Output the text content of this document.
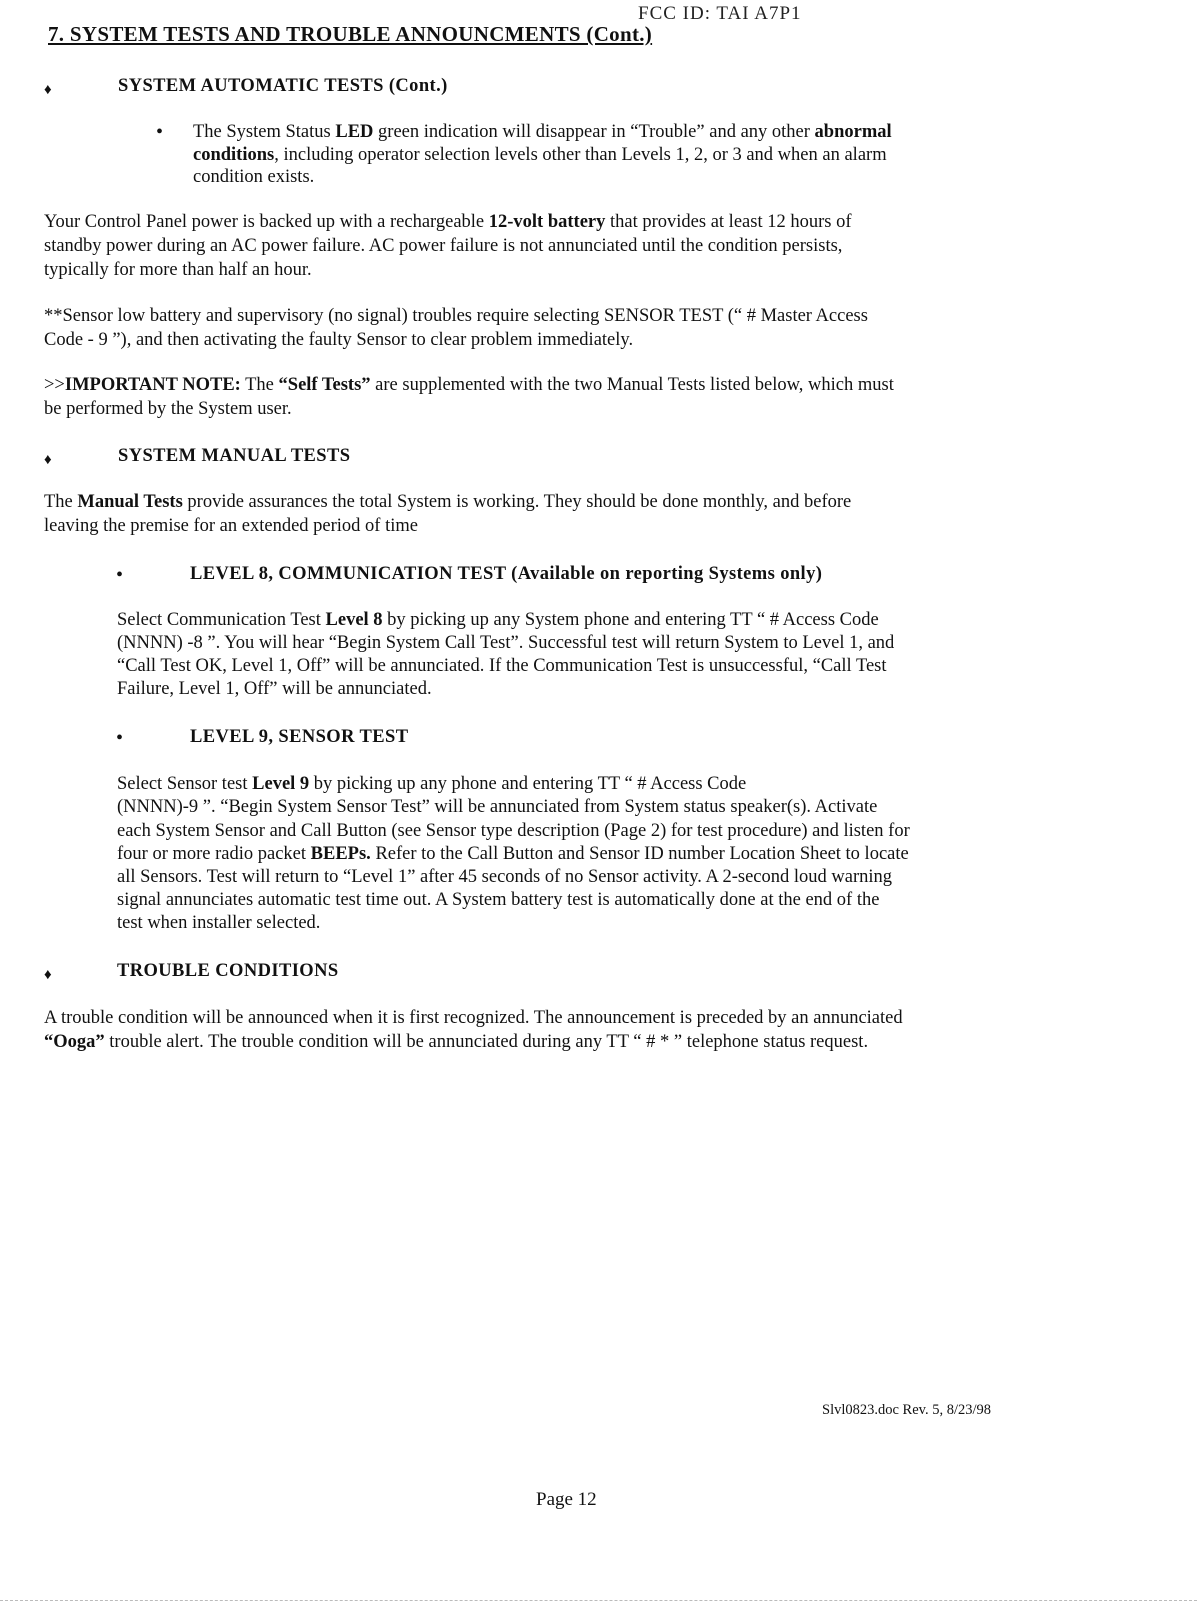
FCC ID: TAI A7P1
7. SYSTEM TESTS AND TROUBLE ANNOUNCMENTS (Cont.)
♦	SYSTEM AUTOMATIC TESTS (Cont.)
• The System Status LED green indication will disappear in “Trouble” and any other abnormal
conditions, including operator selection levels other than Levels 1, 2, or 3 and when an alarm
condition exists.
Your Control Panel power is backed up with a rechargeable 12-volt battery that provides at least 12 hours of
standby power during an AC power failure. AC power failure is not annunciated until the condition persists,
typically for more than half an hour.
**Sensor low battery and supervisory (no signal) troubles require selecting SENSOR TEST (“ # Master Access
Code - 9 ”), and then activating the faulty Sensor to clear problem immediately.
>>IMPORTANT NOTE: The “Self Tests” are supplemented with the two Manual Tests listed below, which must
be performed by the System user.
♦	SYSTEM MANUAL TESTS
The Manual Tests provide assurances the total System is working. They should be done monthly, and before
leaving the premise for an extended period of time
•	LEVEL 8, COMMUNICATION TEST (Available on reporting Systems only)
Select Communication Test Level 8 by picking up any System phone and entering TT “ # Access Code
(NNNN) -8 ”. You will hear “Begin System Call Test”. Successful test will return System to Level 1, and
“Call Test OK, Level 1, Off” will be annunciated. If the Communication Test is unsuccessful, “Call Test
Failure, Level 1, Off” will be annunciated.
•	LEVEL 9, SENSOR TEST
Select Sensor test Level 9 by picking up any phone and entering TT “ # Access Code
(NNNN)-9 ”. “Begin System Sensor Test” will be annunciated from System status speaker(s). Activate
each System Sensor and Call Button (see Sensor type description (Page 2) for test procedure) and listen for
four or more radio packet BEEPs. Refer to the Call Button and Sensor ID number Location Sheet to locate
all Sensors. Test will return to “Level 1” after 45 seconds of no Sensor activity. A 2-second loud warning
signal annunciates automatic test time out. A System battery test is automatically done at the end of the
test when installer selected.
♦	TROUBLE CONDITIONS
A trouble condition will be announced when it is first recognized. The announcement is preceded by an annunciated
“Ooga” trouble alert. The trouble condition will be annunciated during any TT “ # * ” telephone status request.
Slvl0823.doc Rev. 5, 8/23/98
Page 12
